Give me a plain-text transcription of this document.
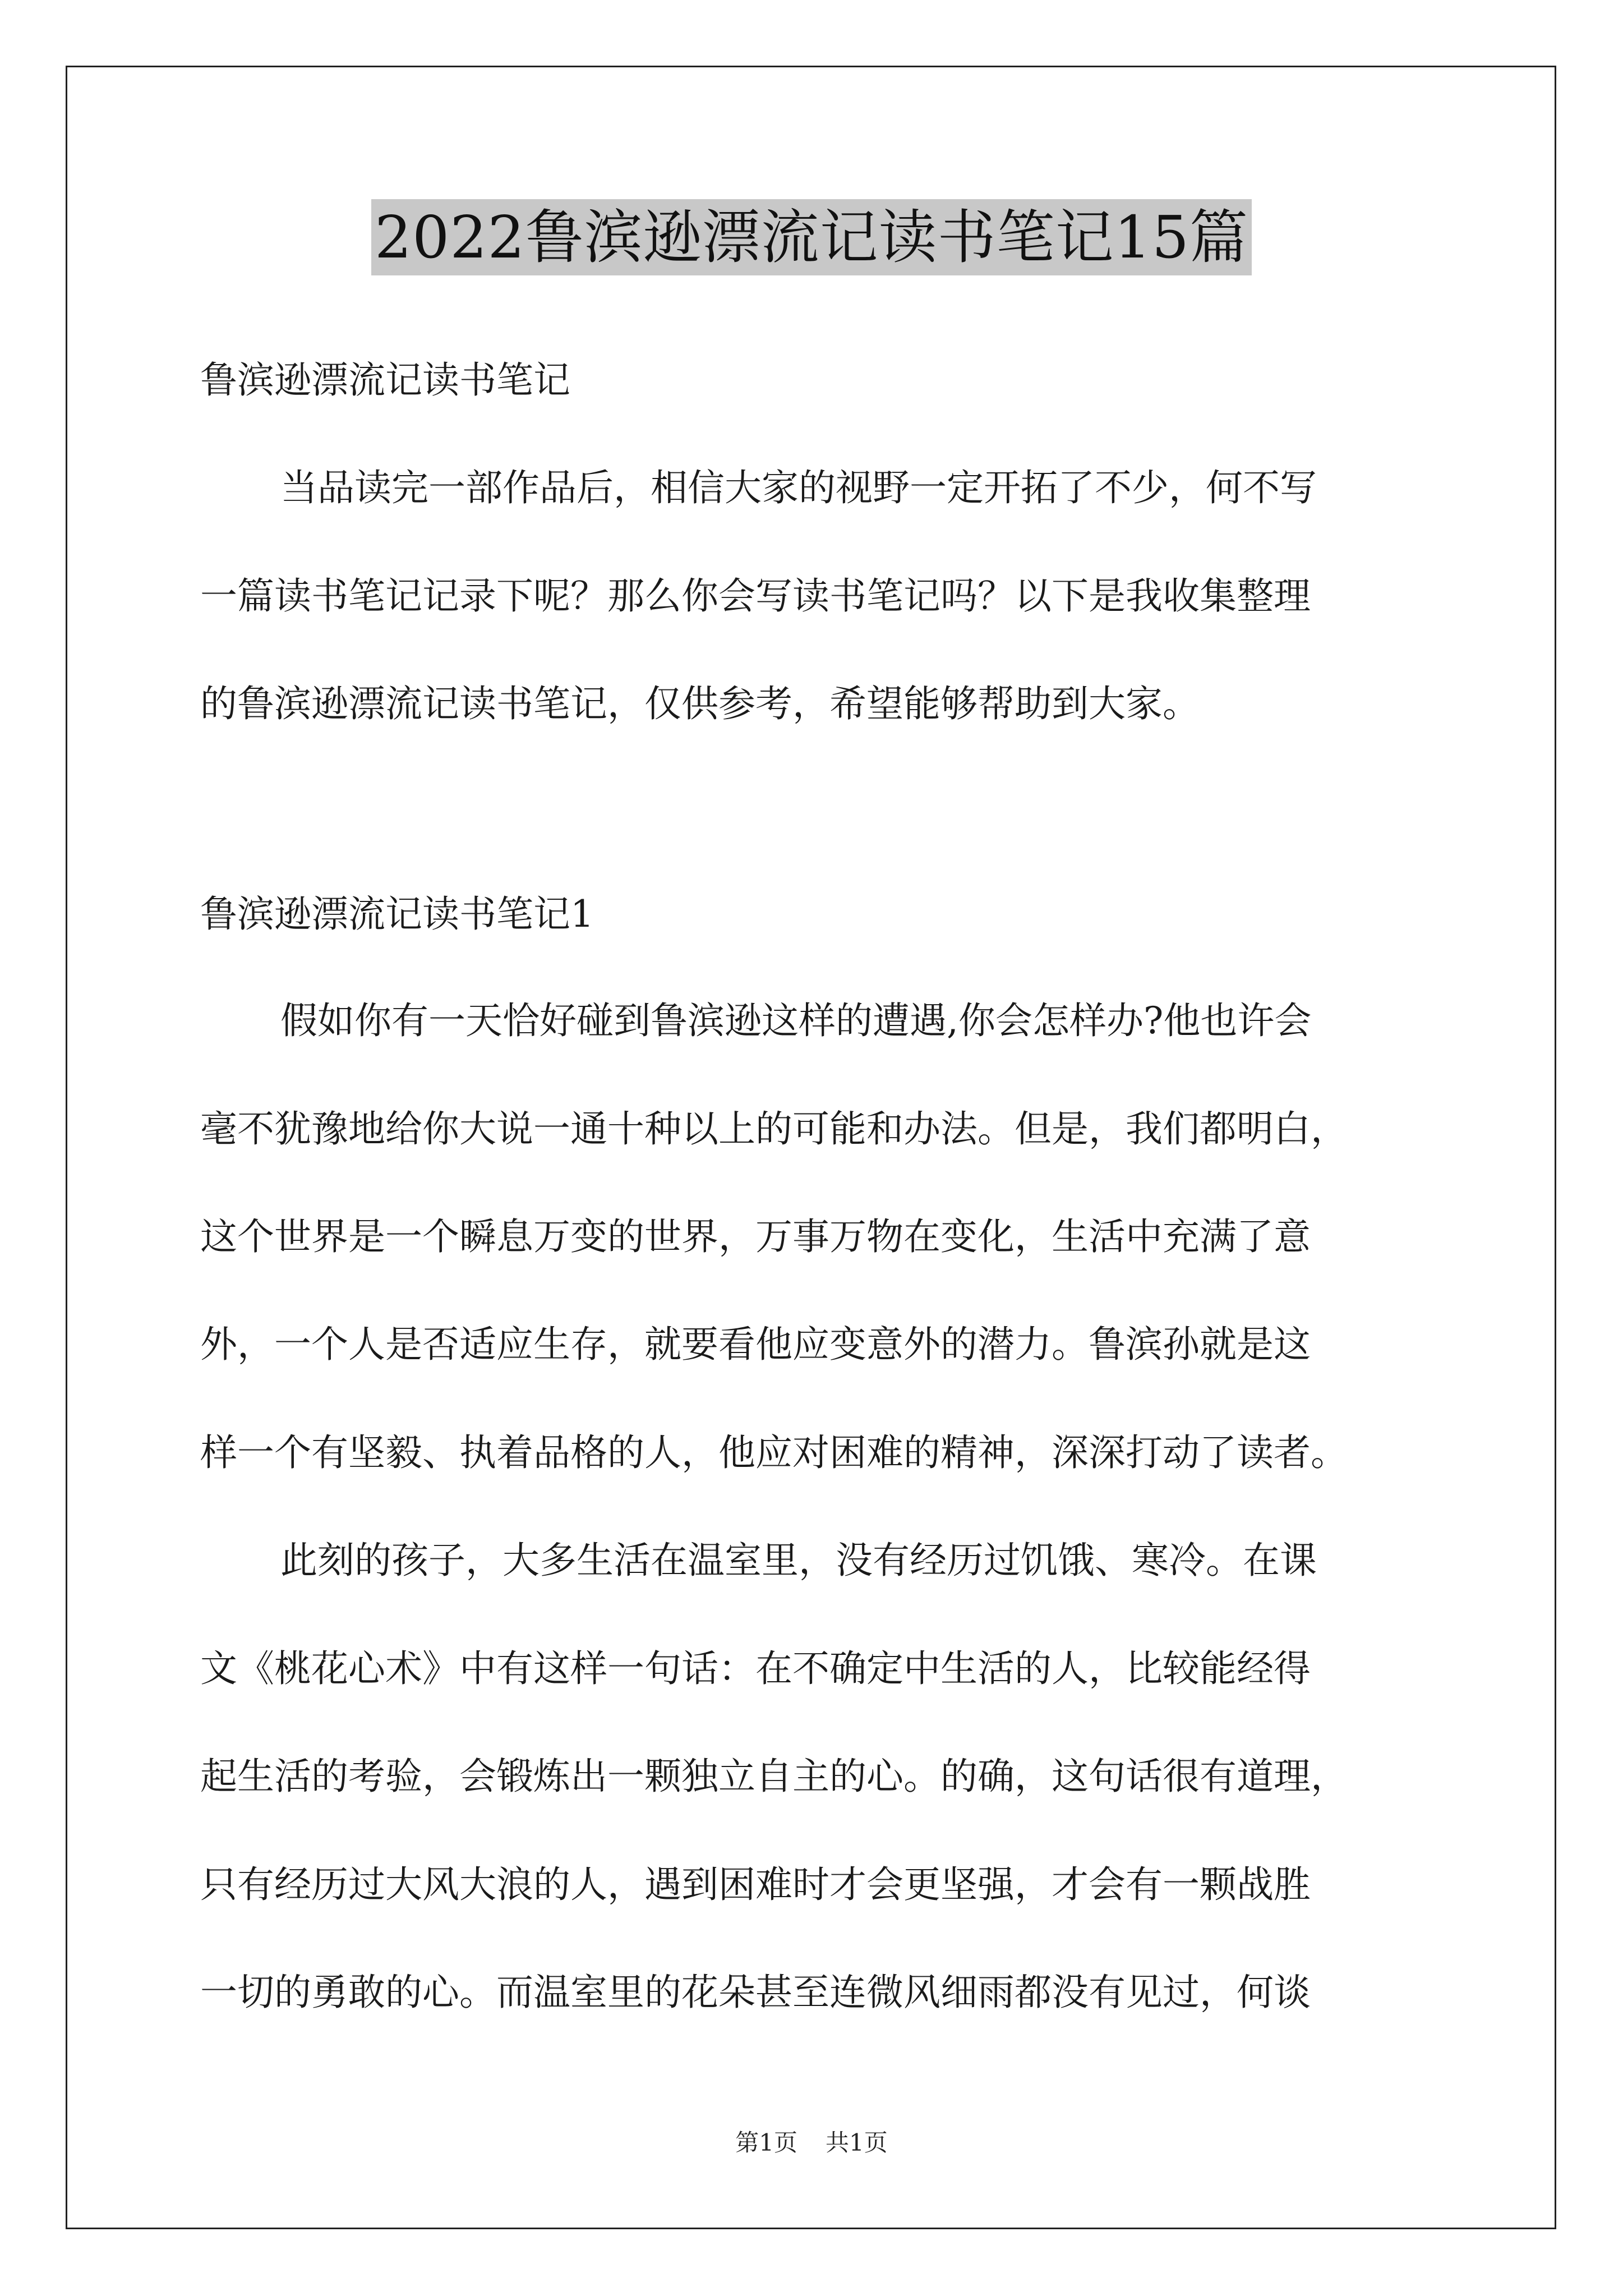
2022鲁滨逊漂流记读书笔记15篇
鲁滨逊漂流记读书笔记
当品读完一部作品后，相信大家的视野一定开拓了不少，何不写
一篇读书笔记记录下呢？那么你会写读书笔记吗？以下是我收集整理
的鲁滨逊漂流记读书笔记，仅供参考，希望能够帮助到大家。
鲁滨逊漂流记读书笔记1
假如你有一天恰好碰到鲁滨逊这样的遭遇,你会怎样办?他也许会
毫不犹豫地给你大说一通十种以上的可能和办法。但是，我们都明白，
这个世界是一个瞬息万变的世界，万事万物在变化，生活中充满了意
外，一个人是否适应生存，就要看他应变意外的潜力。鲁滨孙就是这
样一个有坚毅、执着品格的人，他应对困难的精神，深深打动了读者。
此刻的孩子，大多生活在温室里，没有经历过饥饿、寒冷。在课
文《桃花心术》中有这样一句话：在不确定中生活的人，比较能经得
起生活的考验，会锻炼出一颗独立自主的心。的确，这句话很有道理，
只有经历过大风大浪的人，遇到困难时才会更坚强，才会有一颗战胜
一切的勇敢的心。而温室里的花朵甚至连微风细雨都没有见过，何谈
第1页 共1页
